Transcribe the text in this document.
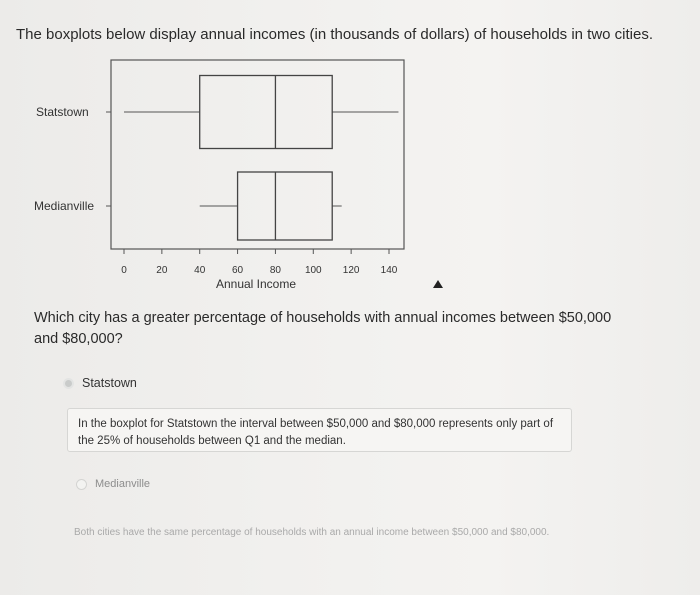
The boxplots below display annual incomes (in thousands of dollars) of households in two cities.
0	20	40	60	80 100 120 140
Annual Income
Statstown
Medianville
Which city has a greater percentage of households with annual incomes between $50,000 and $80,000?
Statstown
In the boxplot for Statstown the interval between $50,000 and $80,000 represents only part of the 25% of households between Q1 and the median.
Medianville
Both cities have the same percentage of households with an annual income between $50,000 and $80,000.
